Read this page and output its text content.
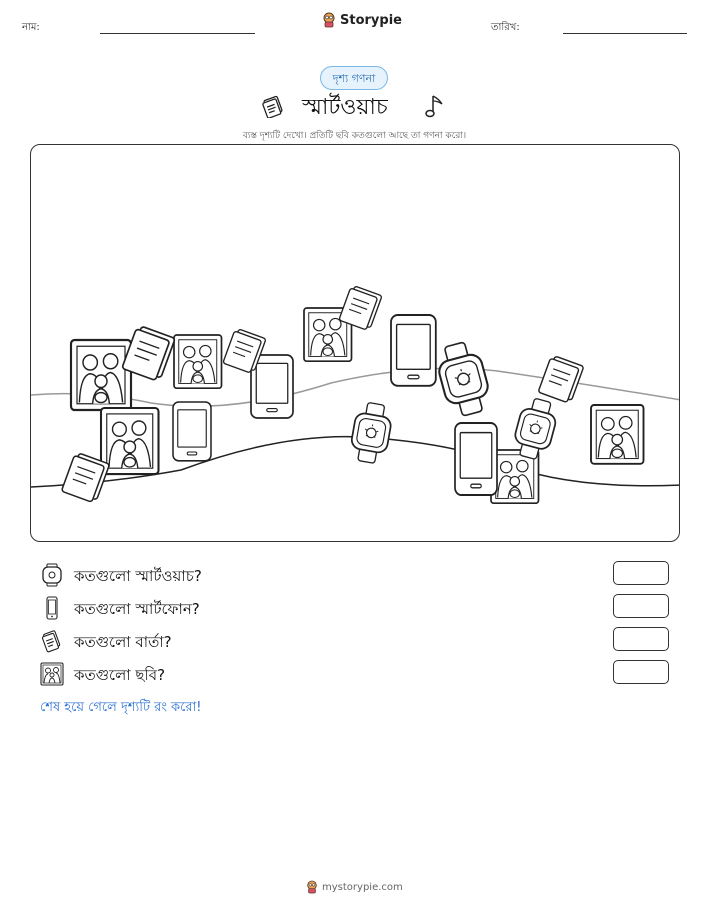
নাম:	Storypie	তারিখ:
দৃশ্য গণনা
স্মার্টওয়াচ
ব্যস্ত দৃশ্যটি দেখো। প্রতিটি ছবি কতগুলো আছে তা গণনা করো।
কতগুলো স্মার্টওয়াচ?
কতগুলো স্মার্টফোন?
কতগুলো বার্তা?
কতগুলো ছবি?
শেষ হয়ে গেলে দৃশ্যটি রং করো!
mystorypie.com
